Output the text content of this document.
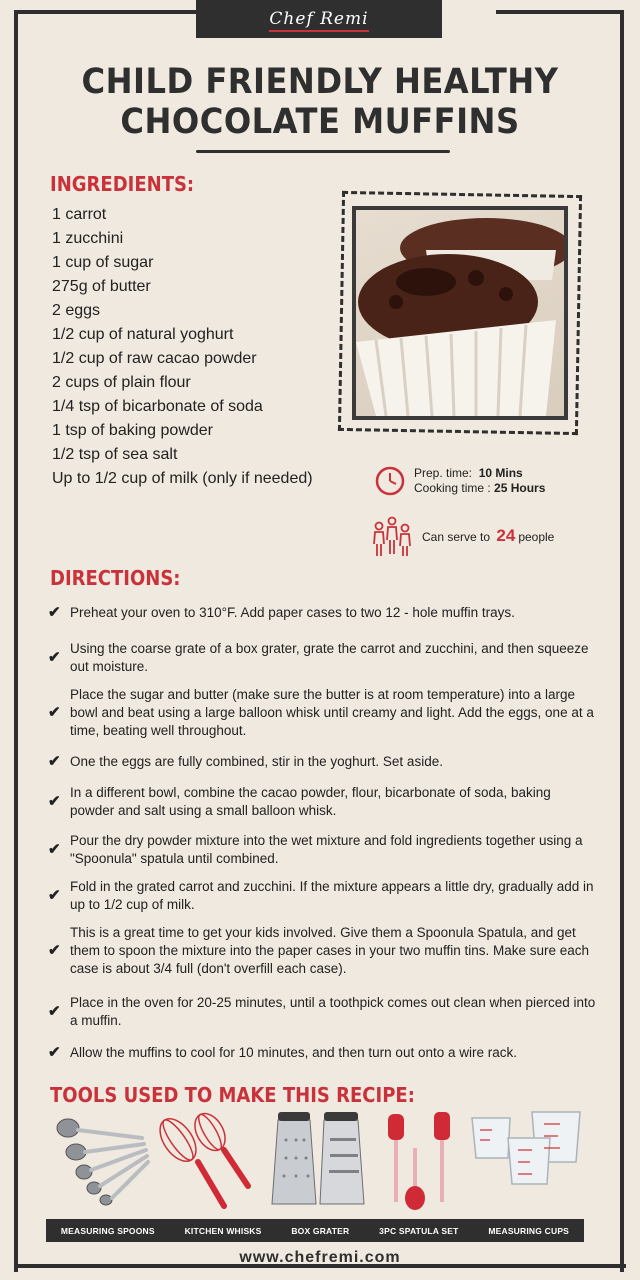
Chef Remi
CHILD FRIENDLY HEALTHY
CHOCOLATE MUFFINS
INGREDIENTS:
1 carrot
1 zucchini
1 cup of sugar
275g of butter
2 eggs
1/2 cup of natural yoghurt
1/2 cup of raw cacao powder
2 cups of plain flour
1/4 tsp of bicarbonate of soda
1 tsp of baking powder
1/2 tsp of sea salt
Up to 1/2 cup of milk (only if needed)	Prep. time: 10 Mins
Cooking time : 25 Hours
Can serve to 24 people
DIRECTIONS:
✔ Preheat your oven to 310°F. Add paper cases to two 12 - hole muffin trays.
✔
Using the coarse grate of a box grater, grate the carrot and zucchini, and then squeeze out moisture.
✔
Place the sugar and butter (make sure the butter is at room temperature) into a large bowl and beat using a large balloon whisk until creamy and light. Add the eggs, one at a time, beating well throughout.
✔ One the eggs are fully combined, stir in the yoghurt. Set aside.
✔
In a different bowl, combine the cacao powder, flour, bicarbonate of soda, baking powder and salt using a small balloon whisk.
✔
Pour the dry powder mixture into the wet mixture and fold ingredients together using a "Spoonula" spatula until combined.
✔
Fold in the grated carrot and zucchini. If the mixture appears a little dry, gradually add in up to 1/2 cup of milk.
✔
This is a great time to get your kids involved. Give them a Spoonula Spatula, and get them to spoon the mixture into the paper cases in your two muffin tins. Make sure each case is about 3/4 full (don't overfill each case).
✔
Place in the oven for 20-25 minutes, until a toothpick comes out clean when pierced into a muffin.
✔ Allow the muffins to cool for 10 minutes, and then turn out onto a wire rack.
TOOLS USED TO MAKE THIS RECIPE:
MEASURING SPOONS	KITCHEN WHISKS	BOX GRATER	3PC SPATULA SET	MEASURING CUPS
www.chefremi.com
